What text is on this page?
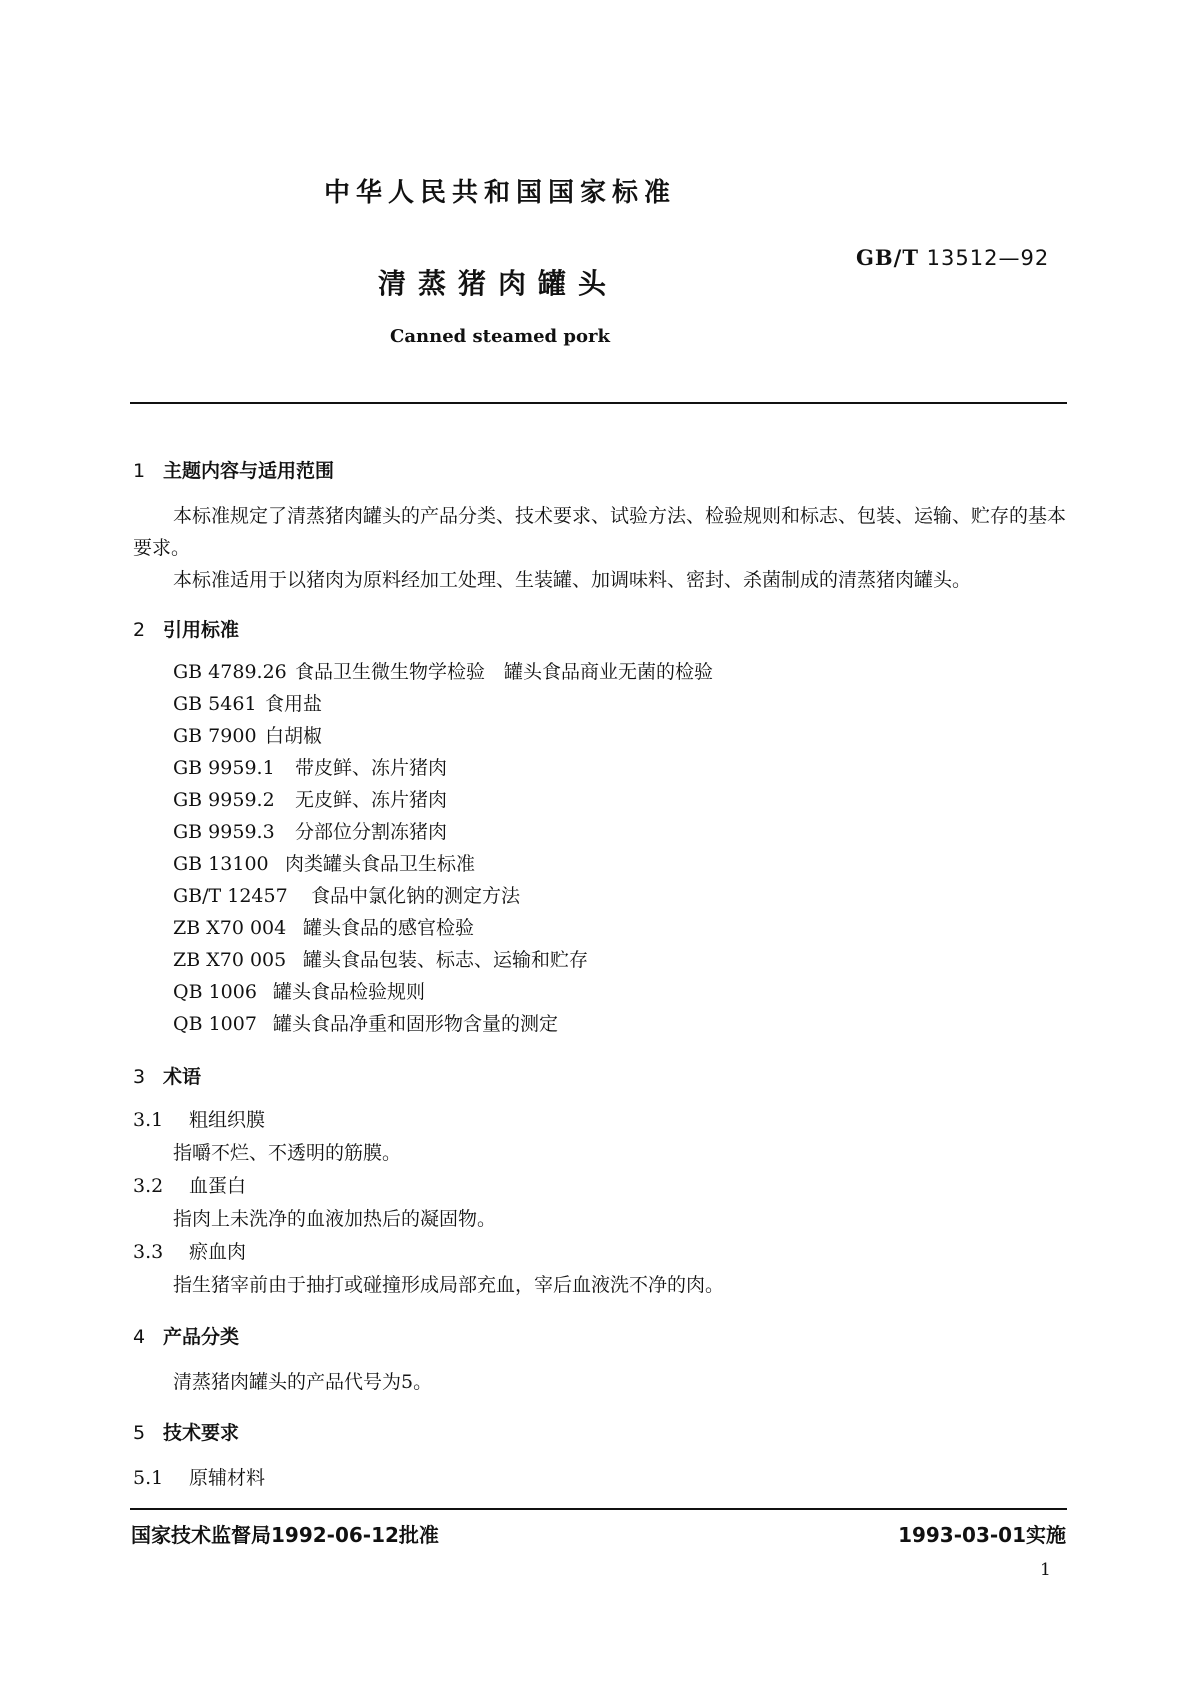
中华人民共和国国家标准
GB/T 13512—92
清蒸猪肉罐头
Canned steamed pork
1 主题内容与适用范围
本标准规定了清蒸猪肉罐头的产品分类、技术要求、试验方法、检验规则和标志、包装、运输、贮存的基本要求。
本标准适用于以猪肉为原料经加工处理、生装罐、加调味料、密封、杀菌制成的清蒸猪肉罐头。
2 引用标准
GB 4789.26 食品卫生微生物学检验　罐头食品商业无菌的检验
GB 5461 食用盐
GB 7900 白胡椒
GB 9959.1 带皮鲜、冻片猪肉
GB 9959.2 无皮鲜、冻片猪肉
GB 9959.3 分部位分割冻猪肉
GB 13100 肉类罐头食品卫生标准
GB/T 12457 食品中氯化钠的测定方法
ZB X70 004 罐头食品的感官检验
ZB X70 005 罐头食品包装、标志、运输和贮存
QB 1006 罐头食品检验规则
QB 1007 罐头食品净重和固形物含量的测定
3 术语
3.1 粗组织膜
指嚼不烂、不透明的筋膜。
3.2 血蛋白
指肉上未洗净的血液加热后的凝固物。
3.3 瘀血肉
指生猪宰前由于抽打或碰撞形成局部充血，宰后血液洗不净的肉。
4 产品分类
清蒸猪肉罐头的产品代号为5。
5 技术要求
5.1 原辅材料
国家技术监督局1992-06-12批准	1993-03-01实施
1
